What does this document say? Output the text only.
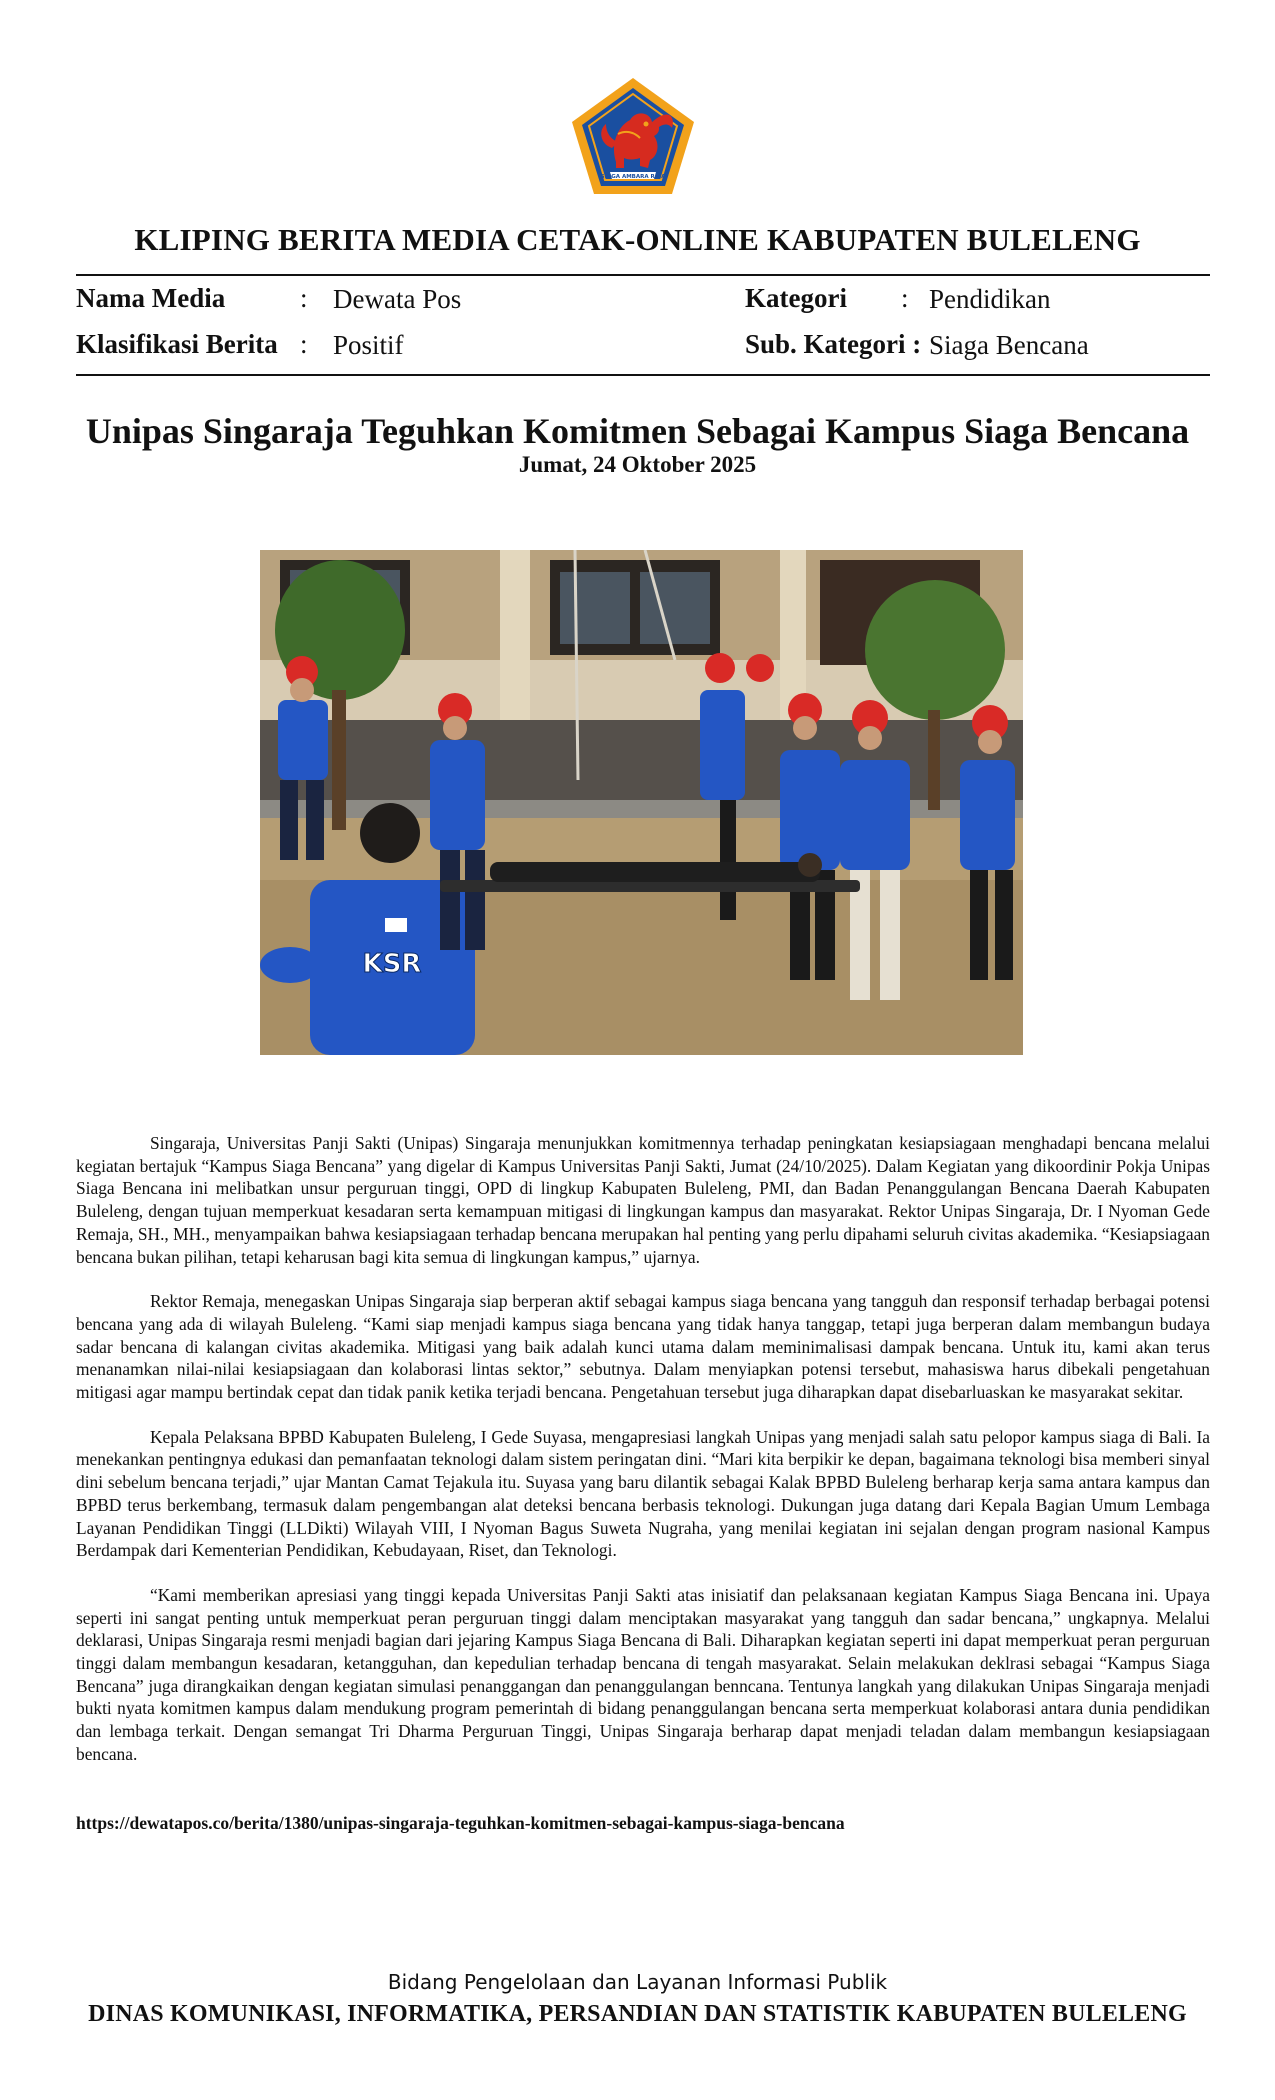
SINGA AMBARA RAJA
KLIPING BERITA MEDIA CETAK-ONLINE KABUPATEN BULELENG
Nama Media	: Dewata Pos
Klasifikasi Berita : Positif
Kategori : Pendidikan
Sub. Kategori : Siaga Bencana
Unipas Singaraja Teguhkan Komitmen Sebagai Kampus Siaga Bencana
Jumat, 24 Oktober 2025
KSR

Singaraja, Universitas Panji Sakti (Unipas) Singaraja menunjukkan komitmennya terhadap peningkatan kesiapsiagaan menghadapi bencana melalui kegiatan bertajuk “Kampus Siaga Bencana” yang digelar di Kampus Universitas Panji Sakti, Jumat (24/10/2025). Dalam Kegiatan yang dikoordinir Pokja Unipas Siaga Bencana ini melibatkan unsur perguruan tinggi, OPD di lingkup Kabupaten Buleleng, PMI, dan Badan Penanggulangan Bencana Daerah Kabupaten Buleleng, dengan tujuan memperkuat kesadaran serta kemampuan mitigasi di lingkungan kampus dan masyarakat. Rektor Unipas Singaraja, Dr. I Nyoman Gede Remaja, SH., MH., menyampaikan bahwa kesiapsiagaan terhadap bencana merupakan hal penting yang perlu dipahami seluruh civitas akademika. “Kesiapsiagaan bencana bukan pilihan, tetapi keharusan bagi kita semua di lingkungan kampus,” ujarnya.

Rektor Remaja, menegaskan Unipas Singaraja siap berperan aktif sebagai kampus siaga bencana yang tangguh dan responsif terhadap berbagai potensi bencana yang ada di wilayah Buleleng. “Kami siap menjadi kampus siaga bencana yang tidak hanya tanggap, tetapi juga berperan dalam membangun budaya sadar bencana di kalangan civitas akademika. Mitigasi yang baik adalah kunci utama dalam meminimalisasi dampak bencana. Untuk itu, kami akan terus menanamkan nilai-nilai kesiapsiagaan dan kolaborasi lintas sektor,” sebutnya. Dalam menyiapkan potensi tersebut, mahasiswa harus dibekali pengetahuan mitigasi agar mampu bertindak cepat dan tidak panik ketika terjadi bencana. Pengetahuan tersebut juga diharapkan dapat disebarluaskan ke masyarakat sekitar.

Kepala Pelaksana BPBD Kabupaten Buleleng, I Gede Suyasa, mengapresiasi langkah Unipas yang menjadi salah satu pelopor kampus siaga di Bali. Ia menekankan pentingnya edukasi dan pemanfaatan teknologi dalam sistem peringatan dini. “Mari kita berpikir ke depan, bagaimana teknologi bisa memberi sinyal dini sebelum bencana terjadi,” ujar Mantan Camat Tejakula itu. Suyasa yang baru dilantik sebagai Kalak BPBD Buleleng berharap kerja sama antara kampus dan BPBD terus berkembang, termasuk dalam pengembangan alat deteksi bencana berbasis teknologi. Dukungan juga datang dari Kepala Bagian Umum Lembaga Layanan Pendidikan Tinggi (LLDikti) Wilayah VIII, I Nyoman Bagus Suweta Nugraha, yang menilai kegiatan ini sejalan dengan program nasional Kampus Berdampak dari Kementerian Pendidikan, Kebudayaan, Riset, dan Teknologi.

“Kami memberikan apresiasi yang tinggi kepada Universitas Panji Sakti atas inisiatif dan pelaksanaan kegiatan Kampus Siaga Bencana ini. Upaya seperti ini sangat penting untuk memperkuat peran perguruan tinggi dalam menciptakan masyarakat yang tangguh dan sadar bencana,” ungkapnya. Melalui deklarasi, Unipas Singaraja resmi menjadi bagian dari jejaring Kampus Siaga Bencana di Bali. Diharapkan kegiatan seperti ini dapat memperkuat peran perguruan tinggi dalam membangun kesadaran, ketangguhan, dan kepedulian terhadap bencana di tengah masyarakat. Selain melakukan deklrasi sebagai “Kampus Siaga Bencana” juga dirangkaikan dengan kegiatan simulasi penanggangan dan penanggulangan benncana. Tentunya langkah yang dilakukan Unipas Singaraja menjadi bukti nyata komitmen kampus dalam mendukung program pemerintah di bidang penanggulangan bencana serta memperkuat kolaborasi antara dunia pendidikan dan lembaga terkait. Dengan semangat Tri Dharma Perguruan Tinggi, Unipas Singaraja berharap dapat menjadi teladan dalam membangun kesiapsiagaan bencana.

https://dewatapos.co/berita/1380/unipas-singaraja-teguhkan-komitmen-sebagai-kampus-siaga-bencana
Bidang Pengelolaan dan Layanan Informasi Publik
DINAS KOMUNIKASI, INFORMATIKA, PERSANDIAN DAN STATISTIK KABUPATEN BULELENG
